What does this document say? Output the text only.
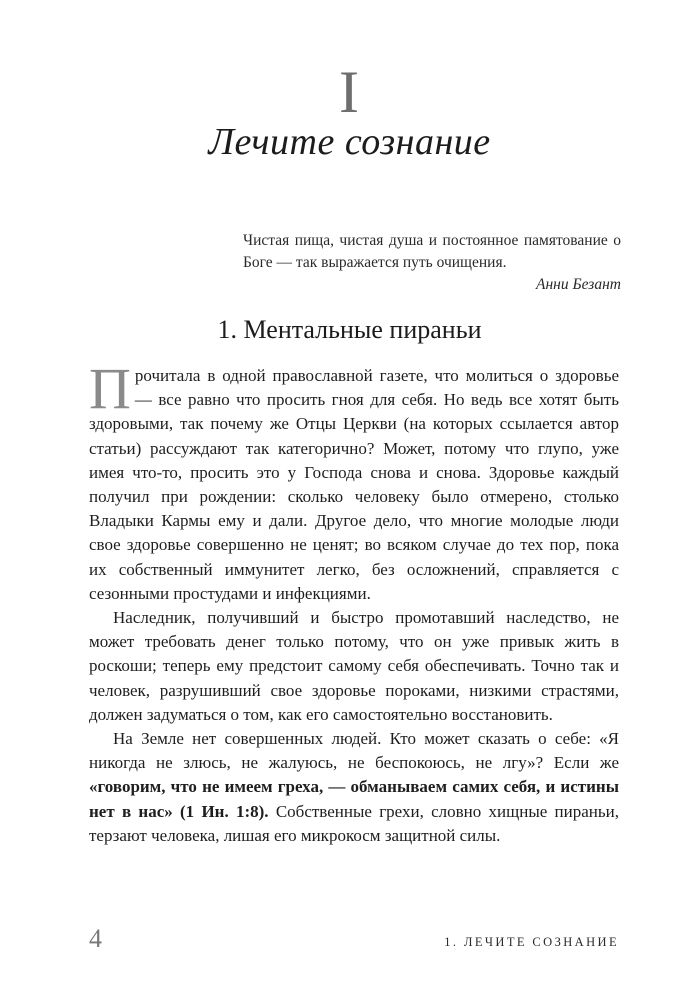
I
Лечите сознание

Чистая пища, чистая душа и постоянное памятование о Боге — так выражается путь очищения.

Анни Безант

1. Ментальные пираньи

Прочитала в одной православной газете, что молиться о здоровье — все равно что просить гноя для себя. Но ведь все хотят быть здоровыми, так почему же Отцы Церкви (на которых ссылается автор статьи) рассуждают так категорично? Может, потому что глупо, уже имея что-то, просить это у Господа снова и снова. Здоровье каждый получил при рождении: сколько человеку было отмерено, столько Владыки Кармы ему и дали. Другое дело, что многие молодые люди свое здоровье совершенно не ценят; во всяком случае до тех пор, пока их собственный иммунитет легко, без осложнений, справляется с сезонными простудами и инфекциями.

Наследник, получивший и быстро промотавший наследство, не может требовать денег только потому, что он уже привык жить в роскоши; теперь ему предстоит самому себя обеспечивать. Точно так и человек, разрушивший свое здоровье пороками, низкими страстями, должен задуматься о том, как его самостоятельно восстановить.

На Земле нет совершенных людей. Кто может сказать о себе: «Я никогда не злюсь, не жалуюсь, не беспокоюсь, не лгу»? Если же «говорим, что не имеем греха, — обманываем самих себя, и истины нет в нас» (1 Ин. 1:8). Собственные грехи, словно хищные пираньи, терзают человека, лишая его микрокосм защитной силы.

4	1. ЛЕЧИТЕ СОЗНАНИЕ
